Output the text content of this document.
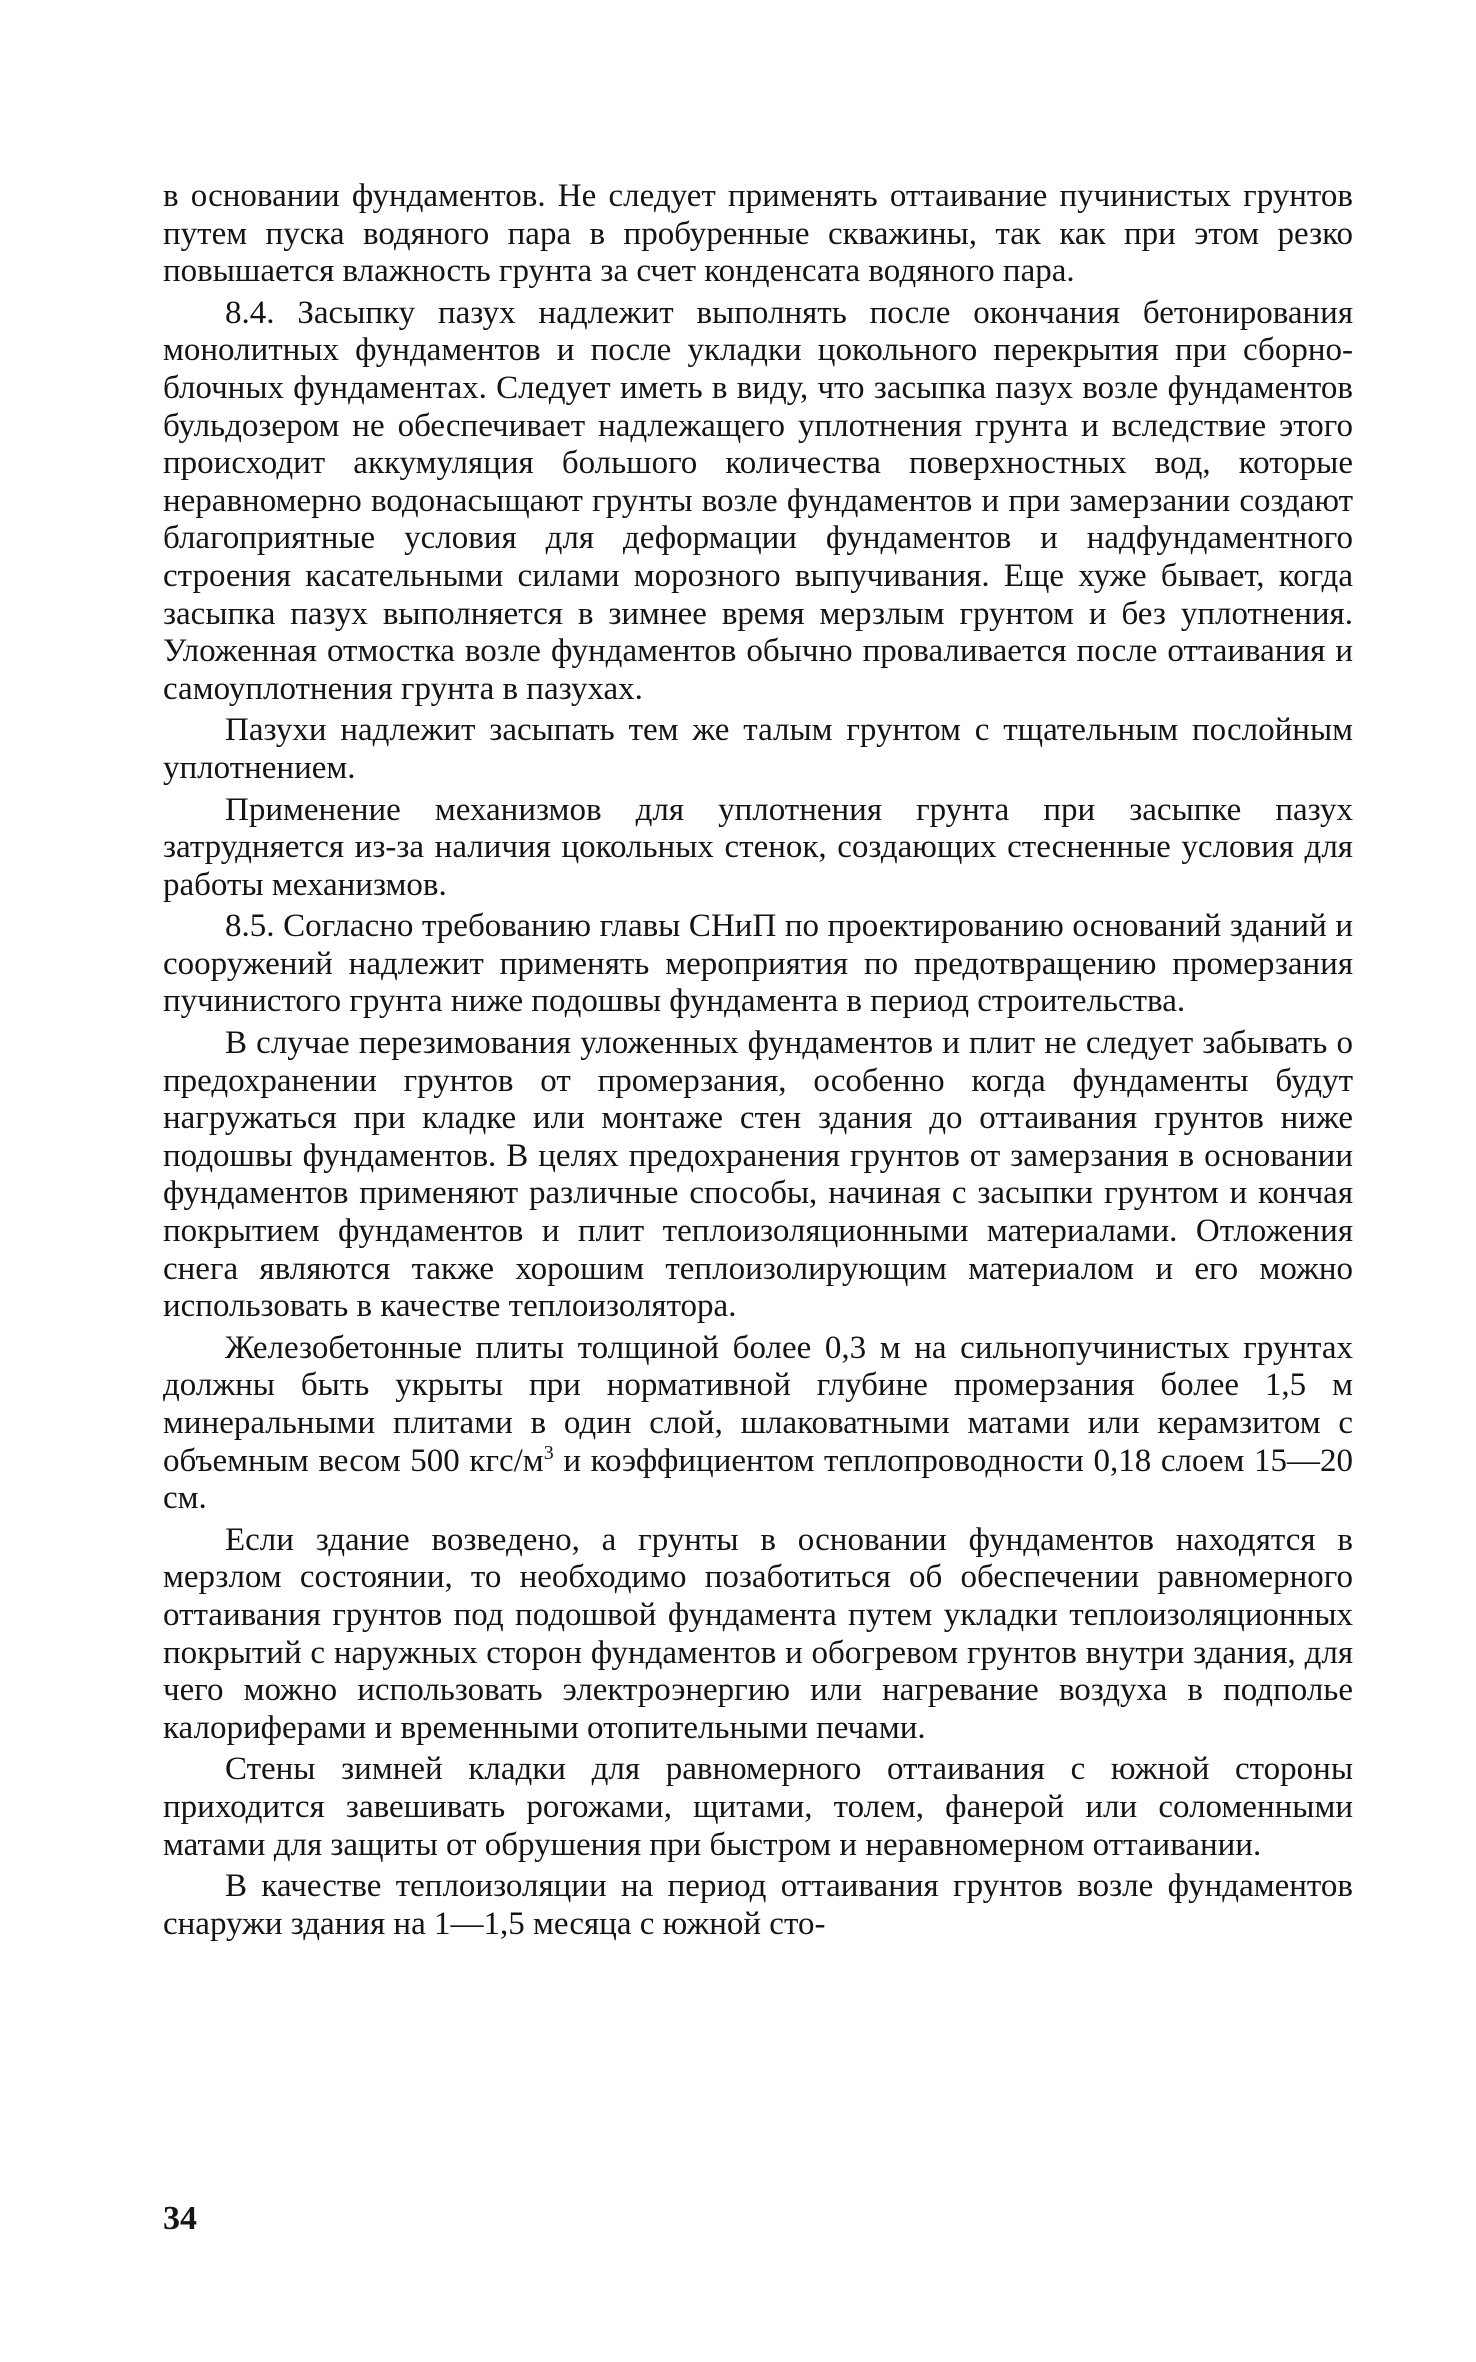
в основании фундаментов. Не следует применять оттаивание пучинистых грунтов путем пуска водяного пара в пробуренные скважины, так как при этом резко повышается влажность грунта за счет конденсата водяного пара.

8.4. Засыпку пазух надлежит выполнять после окончания бетонирования монолитных фундаментов и после укладки цокольного перекрытия при сборно-блочных фундаментах. Следует иметь в виду, что засыпка пазух возле фундаментов бульдозером не обеспечивает надлежащего уплотнения грунта и вследствие этого происходит аккумуляция большого количества поверхностных вод, которые неравномерно водонасыщают грунты возле фундаментов и при замерзании создают благоприятные условия для деформации фундаментов и надфундаментного строения касательными силами морозного выпучивания. Еще хуже бывает, когда засыпка пазух выполняется в зимнее время мерзлым грунтом и без уплотнения. Уложенная отмостка возле фундаментов обычно проваливается после оттаивания и самоуплотнения грунта в пазухах.

Пазухи надлежит засыпать тем же талым грунтом с тщательным послойным уплотнением.

Применение механизмов для уплотнения грунта при засыпке пазух затрудняется из-за наличия цокольных стенок, создающих стесненные условия для работы механизмов.

8.5. Согласно требованию главы СНиП по проектированию оснований зданий и сооружений надлежит применять мероприятия по предотвращению промерзания пучинистого грунта ниже подошвы фундамента в период строительства.

В случае перезимования уложенных фундаментов и плит не следует забывать о предохранении грунтов от промерзания, особенно когда фундаменты будут нагружаться при кладке или монтаже стен здания до оттаивания грунтов ниже подошвы фундаментов. В целях предохранения грунтов от замерзания в основании фундаментов применяют различные способы, начиная с засыпки грунтом и кончая покрытием фундаментов и плит теплоизоляционными материалами. Отложения снега являются также хорошим теплоизолирующим материалом и его можно использовать в качестве теплоизолятора.

Железобетонные плиты толщиной более 0,3 м на сильнопучинистых грунтах должны быть укрыты при нормативной глубине промерзания более 1,5 м минеральными плитами в один слой, шлаковатными матами или керамзитом с объемным весом 500 кгс/$м^3$ и коэффициентом теплопроводности 0,18 слоем 15—20 см.

Если здание возведено, а грунты в основании фундаментов находятся в мерзлом состоянии, то необходимо позаботиться об обеспечении равномерного оттаивания грунтов под подошвой фундамента путем укладки теплоизоляционных покрытий с наружных сторон фундаментов и обогревом грунтов внутри здания, для чего можно использовать электроэнергию или нагревание воздуха в подполье калориферами и временными отопительными печами.

Стены зимней кладки для равномерного оттаивания с южной стороны приходится завешивать рогожами, щитами, толем, фанерой или соломенными матами для защиты от обрушения при быстром и неравномерном оттаивании.

В качестве теплоизоляции на период оттаивания грунтов возле фундаментов снаружи здания на 1—1,5 месяца с южной сто-

34
